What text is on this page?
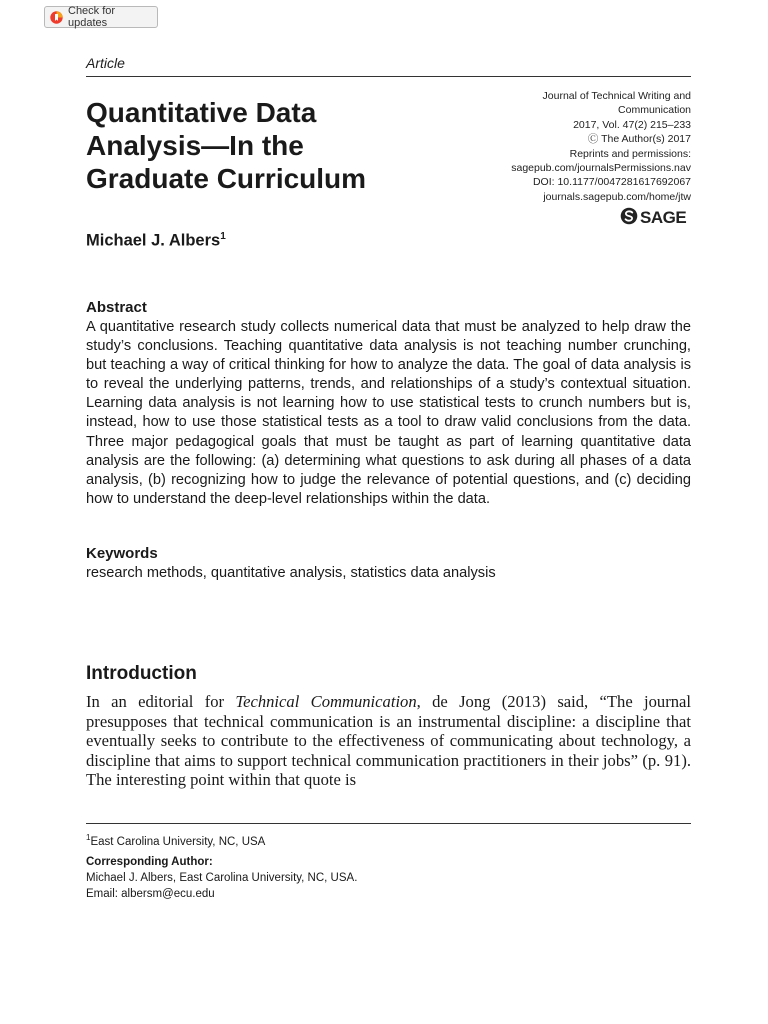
Check for updates
Article
Quantitative Data
Analysis—In the
Graduate Curriculum
Journal of Technical Writing and
Communication
2017, Vol. 47(2) 215–233
Ⓒ The Author(s) 2017
Reprints and permissions:
sagepub.com/journalsPermissions.nav
DOI: 10.1177/0047281617692067
journals.sagepub.com/home/jtw
SAGE
Michael J. Albers$^1$
Abstract

A quantitative research study collects numerical data that must be analyzed to help draw the study’s conclusions. Teaching quantitative data analysis is not teaching number crunching, but teaching a way of critical thinking for how to analyze the data. The goal of data analysis is to reveal the underlying patterns, trends, and relationships of a study’s contextual situation. Learning data analysis is not learning how to use statistical tests to crunch numbers but is, instead, how to use those statistical tests as a tool to draw valid conclusions from the data. Three major pedagogical goals that must be taught as part of learning quantitative data analysis are the following: (a) determining what questions to ask during all phases of a data analysis, (b) recognizing how to judge the relevance of potential questions, and (c) deciding how to understand the deep-level relationships within the data.

Keywords
research methods, quantitative analysis, statistics data analysis
Introduction

In an editorial for Technical Communication, de Jong (2013) said, “The journal presupposes that technical communication is an instrumental discipline: a discipline that eventually seeks to contribute to the effectiveness of communicating about technology, a discipline that aims to support technical communication practitioners in their jobs” (p. 91). The interesting point within that quote is

$^1$East Carolina University, NC, USA
Corresponding Author:
Michael J. Albers, East Carolina University, NC, USA.
Email: albersm@ecu.edu
